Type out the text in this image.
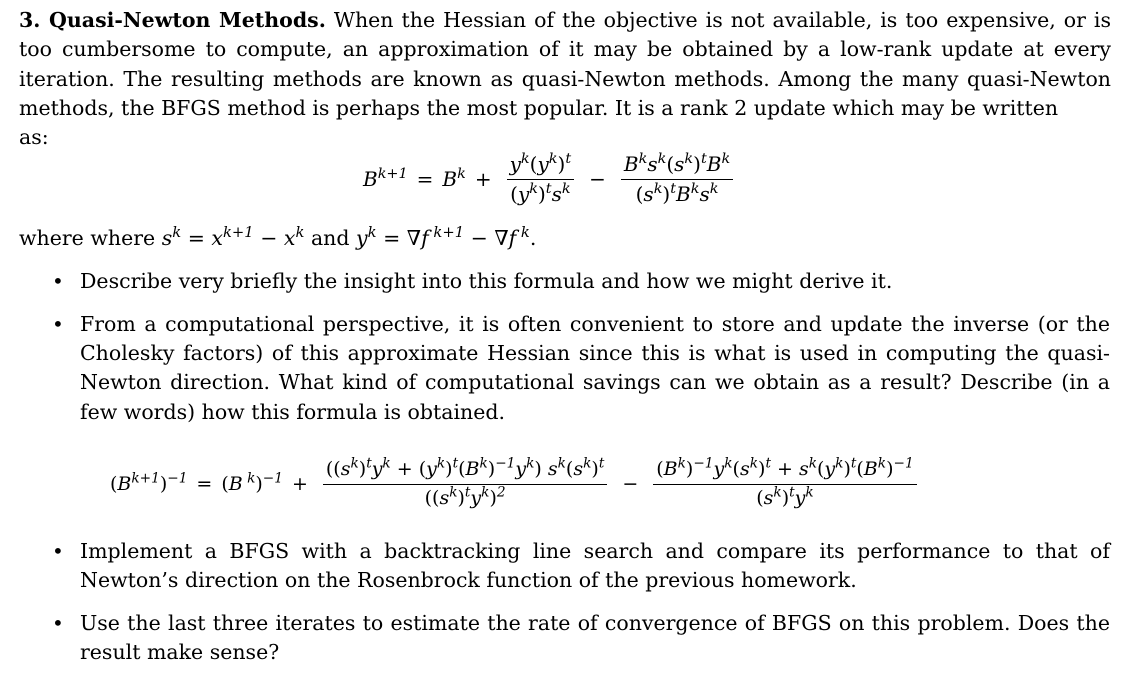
3. Quasi-Newton Methods. When the Hessian of the objective is not available, is too expensive, or is too cumbersome to compute, an approximation of it may be obtained by a low-rank update at every iteration. The resulting methods are known as quasi-Newton methods. Among the many quasi-Newton methods, the BFGS method is perhaps the most popular. It is a rank 2 update which may be written
as:

$B^{k+1} = B^k + \frac{y^k(y^k)^t}{(y^k)^ts^k} - \frac{B^ks^k(s^k)^tB^k}{(s^k)^tB^ks^k}$
where where $s^k = x^{k+1} - x^k$ and $y^k = \nabla f$ $^{k+1}$ − ∇f $^k$.
• Describe very briefly the insight into this formula and how we might derive it.
• From a computational perspective, it is often convenient to store and update the inverse (or the Cholesky factors) of this approximate Hessian since this is what is used in computing the quasi-Newton direction. What kind of computational savings can we obtain as a result? Describe (in a few words) how this formula is obtained.
• Implement a BFGS with a backtracking line search and compare its performance to that of Newton’s direction on the Rosenbrock function of the previous homework.
• Use the last three iterates to estimate the rate of convergence of BFGS on this problem. Does the result make sense?
$(B^{k+1})^{-1} = (B$ $^k)^{-1} + \frac{((s^k)^ty^k + (y^k)^t(B^k)^{-1}y^k) s^k(s^k)^t}{((s^k)^ty^k)^2} - \frac{(B^k)^{-1}y^k(s^k)^t + s^k(y^k)^t(B^k)^{-1}}{(s^k)^ty^k}$
